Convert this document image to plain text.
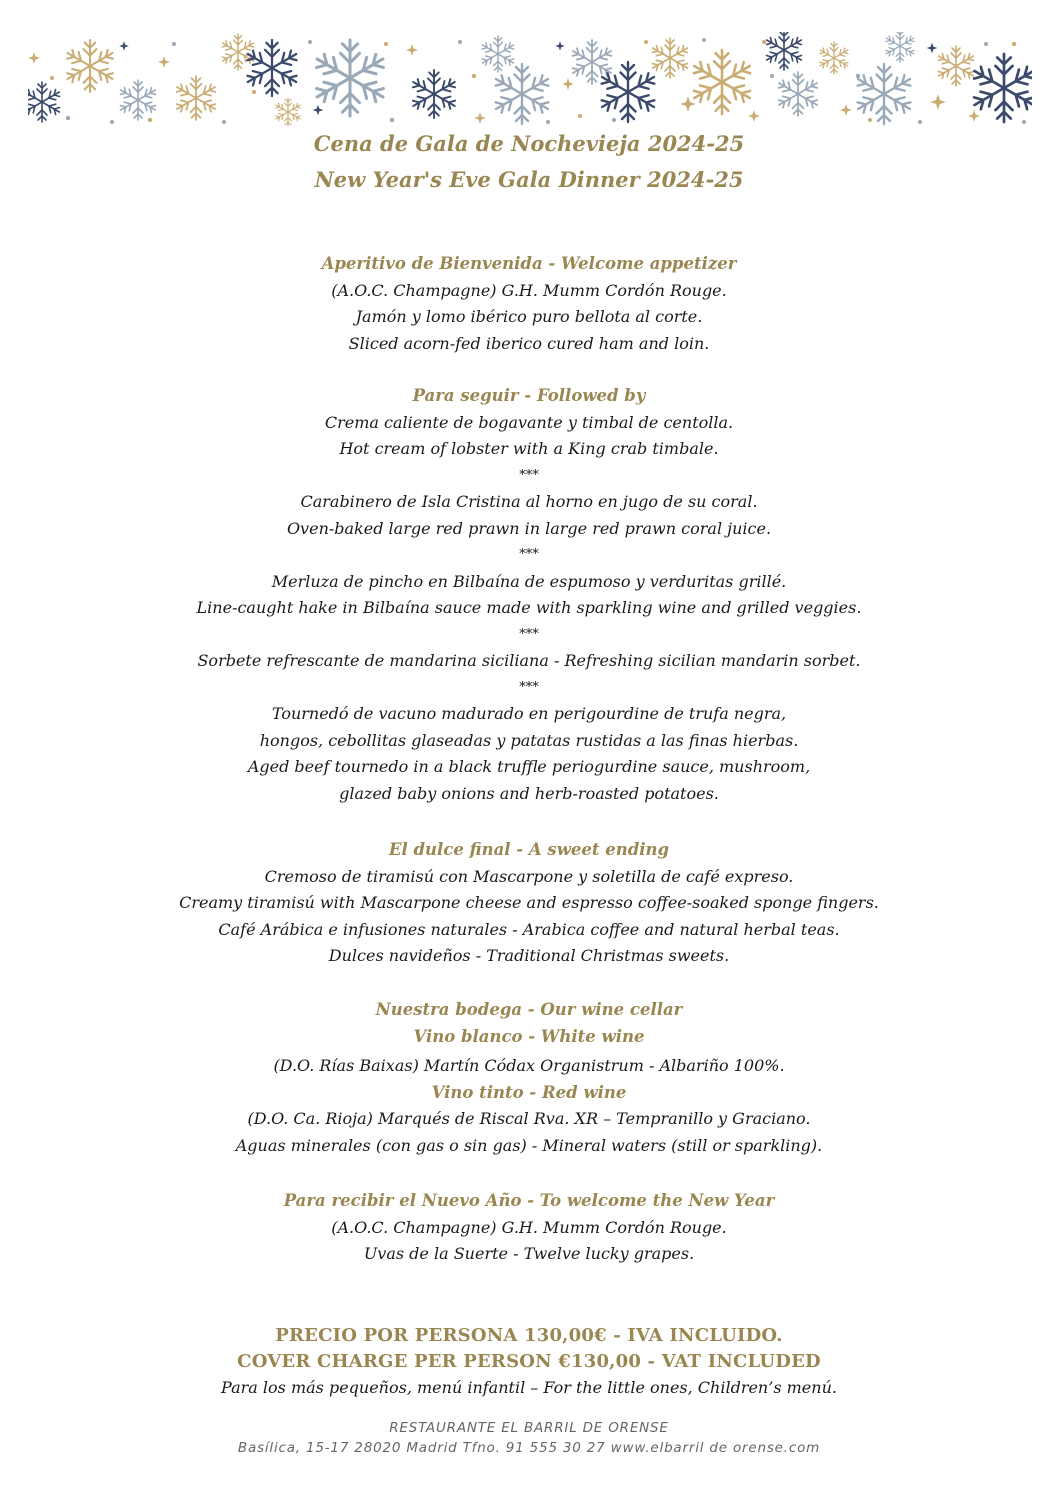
Cena de Gala de Nochevieja 2024-25
New Year's Eve Gala Dinner 2024-25
Aperitivo de Bienvenida - Welcome appetizer
(A.O.C. Champagne) G.H. Mumm Cordón Rouge.
Jamón y lomo ibérico puro bellota al corte.
Sliced acorn-fed iberico cured ham and loin.
Para seguir - Followed by
Crema caliente de bogavante y timbal de centolla.
Hot cream of lobster with a King crab timbale.
***
Carabinero de Isla Cristina al horno en jugo de su coral.
Oven-baked large red prawn in large red prawn coral juice.
***
Merluza de pincho en Bilbaína de espumoso y verduritas grillé.
Line-caught hake in Bilbaína sauce made with sparkling wine and grilled veggies.
***
Sorbete refrescante de mandarina siciliana - Refreshing sicilian mandarin sorbet.
***
Tournedó de vacuno madurado en perigourdine de trufa negra,
hongos, cebollitas glaseadas y patatas rustidas a las finas hierbas.
Aged beef tournedo in a black truffle periogurdine sauce, mushroom,
glazed baby onions and herb-roasted potatoes.
El dulce final - A sweet ending
Cremoso de tiramisú con Mascarpone y soletilla de café expreso.
Creamy tiramisú with Mascarpone cheese and espresso coffee-soaked sponge fingers.
Café Arábica e infusiones naturales - Arabica coffee and natural herbal teas.
Dulces navideños - Traditional Christmas sweets.
Nuestra bodega - Our wine cellar
Vino blanco - White wine
(D.O. Rías Baixas) Martín Códax Organistrum - Albariño 100%.
Vino tinto - Red wine
(D.O. Ca. Rioja) Marqués de Riscal Rva. XR – Tempranillo y Graciano.
Aguas minerales (con gas o sin gas) - Mineral waters (still or sparkling).
Para recibir el Nuevo Año - To welcome the New Year
(A.O.C. Champagne) G.H. Mumm Cordón Rouge.
Uvas de la Suerte - Twelve lucky grapes.
PRECIO POR PERSONA 130,00€ - IVA INCLUIDO.
COVER CHARGE PER PERSON €130,00 - VAT INCLUDED
Para los más pequeños, menú infantil – For the little ones, Children’s menú.
RESTAURANTE EL BARRIL DE ORENSE
Basílica, 15-17 28020 Madrid Tfno. 91 555 30 27 www.elbarril de orense.com
